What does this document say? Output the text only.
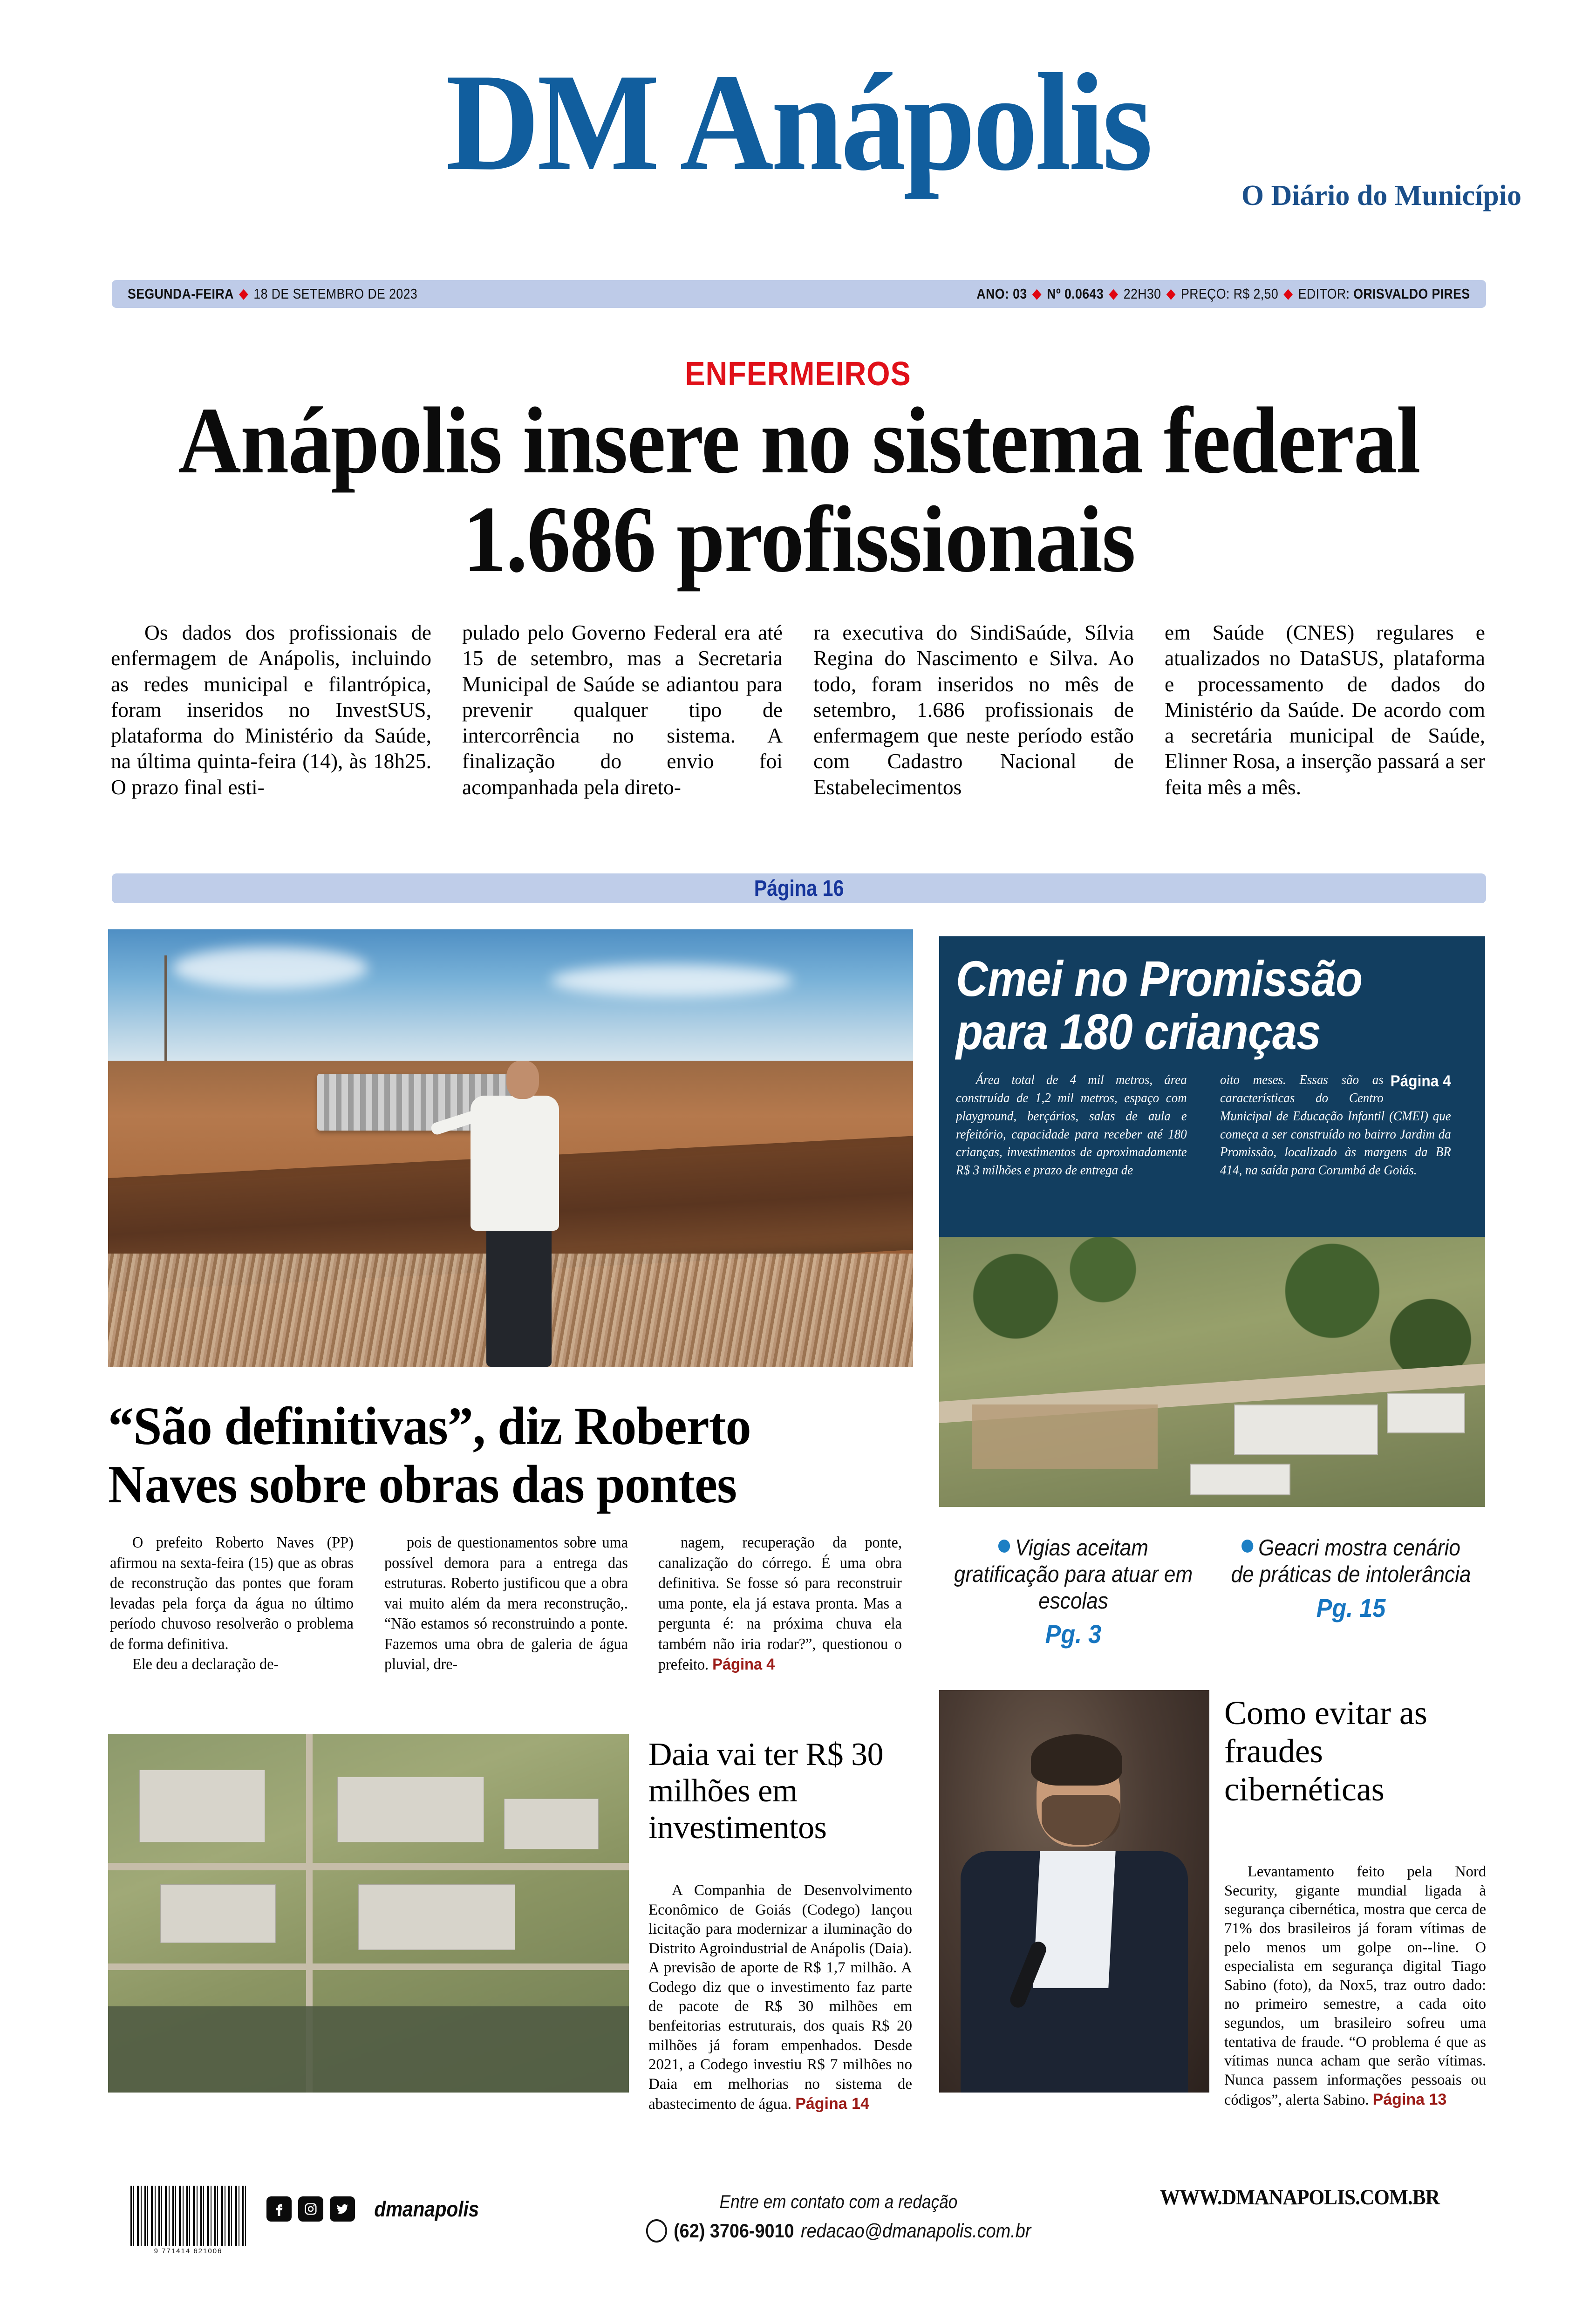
DM Anápolis	O Diário do Município
SEGUNDA-FEIRA ◆ 18 DE SETEMBRO DE 2023	ANO: 03 ◆ Nº 0.0643 ◆ 22H30 ◆ PREÇO: R$ 2,50 ◆ EDITOR:
ORISVALDO PIRES
ENFERMEIROS
Anápolis insere no sistema federal 1.686 profissionais
Os dados dos profissionais de enfermagem de Anápolis, incluindo as redes municipal e filantrópica, foram inseridos no InvestSUS, plataforma do Ministério da Saúde, na última quinta-feira (14), às 18h25. O prazo final esti-
pulado pelo Governo Federal era até 15 de setembro, mas a Secretaria Municipal de Saúde se adiantou para prevenir qualquer tipo de intercorrência no sistema. A finalização do envio foi acompanhada pela direto-
ra executiva do SindiSaúde, Sílvia Regina do Nascimento e Silva. Ao todo, foram inseridos no mês de setembro, 1.686 profissionais de enfermagem que neste período estão com Cadastro Nacional de Estabelecimentos
em Saúde (CNES) regulares e atualizados no DataSUS, plataforma e processamento de dados do Ministério da Saúde. De acordo com a secretária municipal de Saúde, Elinner Rosa, a inserção passará a ser feita mês a mês.
Página 16
“São definitivas”, diz Roberto Naves sobre obras das pontes

O prefeito Roberto Naves (PP) afirmou na sexta-feira (15) que as obras de reconstrução das pontes que foram levadas pela força da água no último período chuvoso resolverão o problema de forma definitiva.

Ele deu a declaração de-

pois de questionamentos sobre uma possível demora para a entrega das estruturas. Roberto justificou que a obra vai muito além da mera reconstrução,. “Não estamos só reconstruindo a ponte. Fazemos uma obra de galeria de água pluvial, dre-

nagem, recuperação da ponte, canalização do córrego. É uma obra definitiva. Se fosse só para reconstruir uma ponte, ela já estava pronta. Mas a pergunta é: na próxima chuva ela também não iria rodar?”, questionou o prefeito. Página 4

Cmei no Promissão para 180 crianças
Área total de 4 mil metros, área construída de 1,2 mil metros, espaço com playground, berçários, salas de aula e refeitório, capacidade para receber até 180 crianças, investimentos de aproximadamente R$ 3 milhões e prazo de entrega de
Página 4
oito meses. Essas são as características do Centro Municipal de Educação Infantil (CMEI) que começa a ser construído no bairro Jardim da Promissão, localizado às margens da BR 414, na saída para Corumbá de Goiás.
Vigias aceitam gratificação para atuar em escolas
Pg. 3
Geacri mostra cenário de práticas de intolerância
Pg. 15
Daia vai ter R$ 30 milhões em investimentos
A Companhia de Desenvolvimento Econômico de Goiás (Codego) lançou licitação para modernizar a iluminação do Distrito Agroindustrial de Anápolis (Daia). A previsão de aporte de R$ 1,7 milhão. A Codego diz que o investimento faz parte de pacote de R$ 30 milhões em benfeitorias estruturais, dos quais R$ 20 milhões já foram empenhados. Desde 2021, a Codego investiu R$ 7 milhões no Daia em melhorias no sistema de abastecimento de água. Página 14
Como evitar as fraudes cibernéticas
Levantamento feito pela Nord Security, gigante mundial ligada à segurança cibernética, mostra que cerca de 71% dos brasileiros já foram vítimas de pelo menos um golpe on--line. O especialista em segurança digital Tiago Sabino (foto), da Nox5, traz outro dado: no primeiro semestre, a cada oito segundos, um brasileiro sofreu uma tentativa de fraude. “O problema é que as vítimas nunca acham que serão vítimas. Nunca passem informações pessoais ou códigos”, alerta Sabino. Página 13
9 771414 621006
dmanapolis	Entre em contato com a redação
(62) 3706-9010 redacao@dmanapolis.com.br
WWW.DMANAPOLIS.COM.BR
